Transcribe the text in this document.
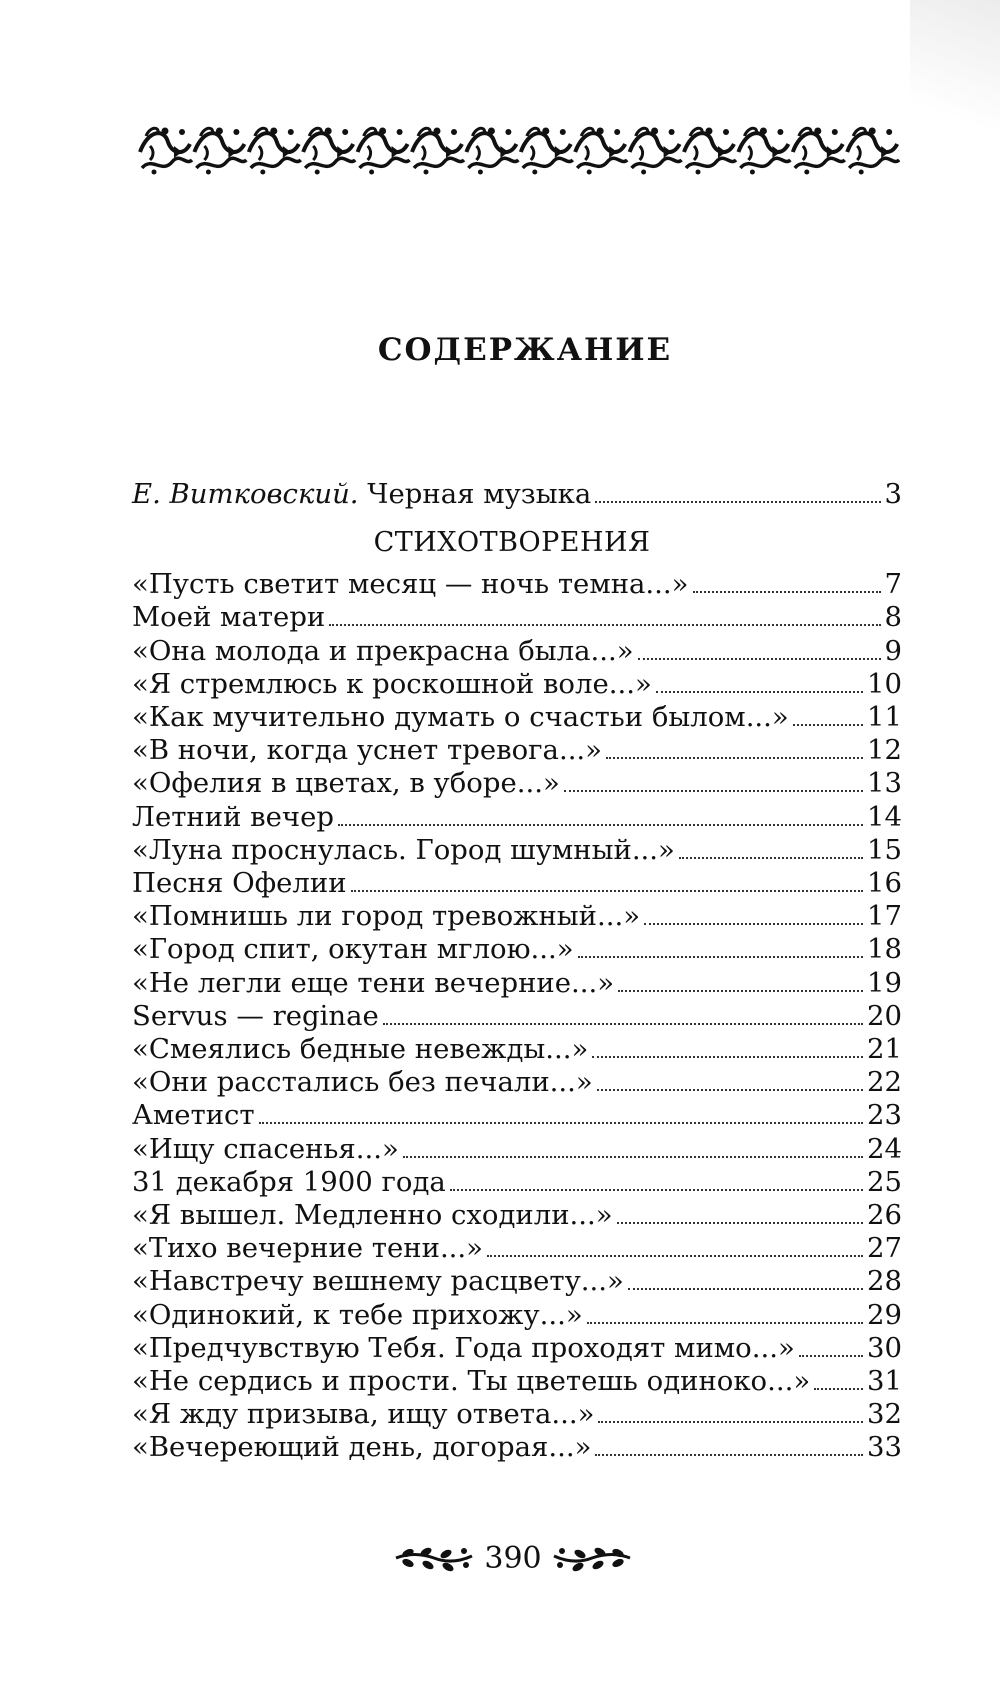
СОДЕРЖАНИЕ
Е. Витковский. Черная музыка	3
СТИХОТВОРЕНИЯ
«Пусть светит месяц — ночь темна...»	7
Моей матери	8
«Она молода и прекрасна была...»	9
«Я стремлюсь к роскошной воле...»	10
«Как мучительно думать о счастьи былом...»	11
«В ночи, когда уснет тревога...»	12
«Офелия в цветах, в уборе...»	13
Летний вечер	14
«Луна проснулась. Город шумный...»	15
Песня Офелии	16
«Помнишь ли город тревожный...»	17
«Город спит, окутан мглою...»	18
«Не легли еще тени вечерние...»	19
Servus — reginae	20
«Смеялись бедные невежды...»	21
«Они расстались без печали...»	22
Аметист	23
«Ищу спасенья...»	24
31 декабря 1900 года	25
«Я вышел. Медленно сходили...»	26
«Тихо вечерние тени...»	27
«Навстречу вешнему расцвету...»	28
«Одинокий, к тебе прихожу...»	29
«Предчувствую Тебя. Года проходят мимо...»	30
«Не сердись и прости. Ты цветешь одиноко...» 31
«Я жду призыва, ищу ответа...»	32
«Вечереющий день, догорая...»	33
390
